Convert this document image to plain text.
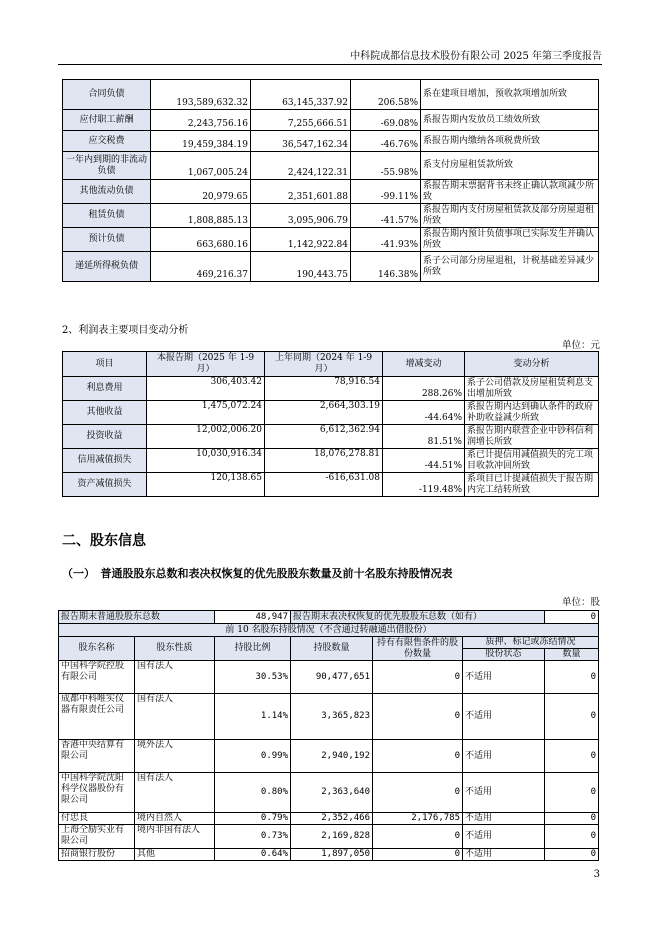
中科院成都信息技术股份有限公司 2025 年第三季度报告
合同负债	193,589,632.32	63,145,337.92	206.58%	系在建项目增加，预收款项增加所致
应付职工薪酬	2,243,756.16	7,255,666.51	-69.08%	系报告期内发放员工绩效所致
应交税费	19,459,384.19	36,547,162.34	-46.76%	系报告期内缴纳各项税费所致
一年内到期的非流动负债	1,067,005.24	2,424,122.31	-55.98%	系支付房屋租赁款所致
其他流动负债	20,979.65	2,351,601.88	-99.11%	系报告期末票据背书未终止确认款项减少所致
租赁负债	1,808,885.13	3,095,906.79	-41.57%	系报告期内支付房屋租赁款及部分房屋退租所致
预计负债	663,680.16	1,142,922.84	-41.93%	系报告期内预计负债事项已实际发生并确认所致
递延所得税负债	469,216.37	190,443.75	146.38%	系子公司部分房屋退租，计税基础差异减少所致
2、利润表主要项目变动分析
单位：元
项目	本报告期（2025 年 1-9 月）	上年同期（2024 年 1-9 月）	增减变动	变动分析
利息费用	306,403.42	78,916.54	288.26%	系子公司借款及房屋租赁利息支出增加所致
其他收益	1,475,072.24	2,664,303.19	-44.64%	系报告期内达到确认条件的政府补助收益减少所致
投资收益	12,002,006.20	6,612,362.94	81.51%	系报告期内联营企业中钞科信利润增长所致
信用减值损失	10,030,916.34	18,076,278.81	-44.51%	系已计提信用减值损失的完工项目收款冲回所致
资产减值损失	120,138.65	-616,631.08	-119.48%	系项目已计提减值损失于报告期内完工结转所致
二、股东信息
（一）　普通股股东总数和表决权恢复的优先股股东数量及前十名股东持股情况表
单位：股
报告期末普通股股东总数		48,947	报告期末表决权恢复的优先股股东总数（如有）			0
前 10 名股东持股情况（不含通过转融通出借股份）						
股东名称	股东性质	持股比例	持股数量	持有有限售条件的股份数量	质押、标记或冻结情况	
					股份状态	数量
中国科学院控股有限公司	国有法人	30.53%	90,477,651	0	不适用	0
成都中科唯实仪器有限责任公司	国有法人	1.14%	3,365,823	0	不适用	0
香港中央结算有限公司	境外法人	0.99%	2,940,192	0	不适用	0
中国科学院沈阳科学仪器股份有限公司	国有法人	0.80%	2,363,640	0	不适用	0
付忠良	境内自然人	0.79%	2,352,466	2,176,785	不适用	0
上海仝励实业有限公司	境内非国有法人	0.73%	2,169,828	0	不适用	0
招商银行股份	其他	0.64%	1,897,050	0	不适用	0
3
